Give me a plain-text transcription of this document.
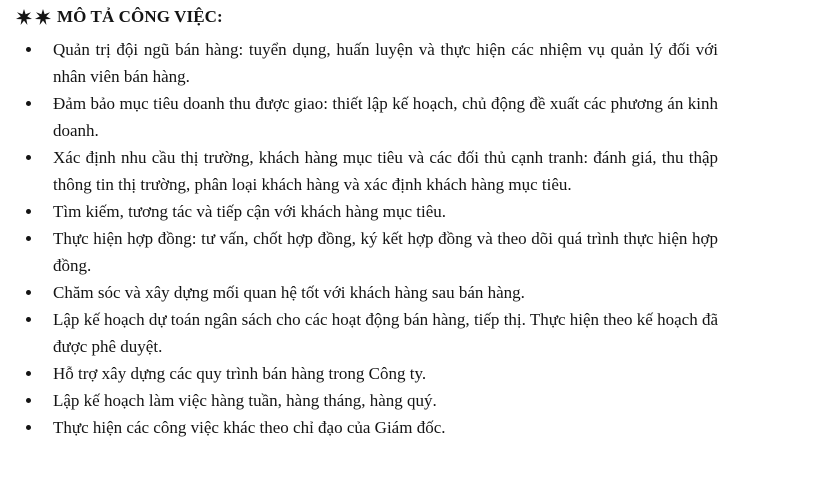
MÔ TẢ CÔNG VIỆC:
Quản trị đội ngũ bán hàng: tuyển dụng, huấn luyện và thực hiện các nhiệm vụ quản lý đối với nhân viên bán hàng.
Đảm bảo mục tiêu doanh thu được giao: thiết lập kế hoạch, chủ động đề xuất các phương án kinh doanh.
Xác định nhu cầu thị trường, khách hàng mục tiêu và các đối thủ cạnh tranh: đánh giá, thu thập thông tin thị trường, phân loại khách hàng và xác định khách hàng mục tiêu.
Tìm kiếm, tương tác và tiếp cận với khách hàng mục tiêu.
Thực hiện hợp đồng: tư vấn, chốt hợp đồng, ký kết hợp đồng và theo dõi quá trình thực hiện hợp đồng.
Chăm sóc và xây dựng mối quan hệ tốt với khách hàng sau bán hàng.
Lập kế hoạch dự toán ngân sách cho các hoạt động bán hàng, tiếp thị. Thực hiện theo kế hoạch đã được phê duyệt.
Hỗ trợ xây dựng các quy trình bán hàng trong Công ty.
Lập kế hoạch làm việc hàng tuần, hàng tháng, hàng quý.
Thực hiện các công việc khác theo chỉ đạo của Giám đốc.
